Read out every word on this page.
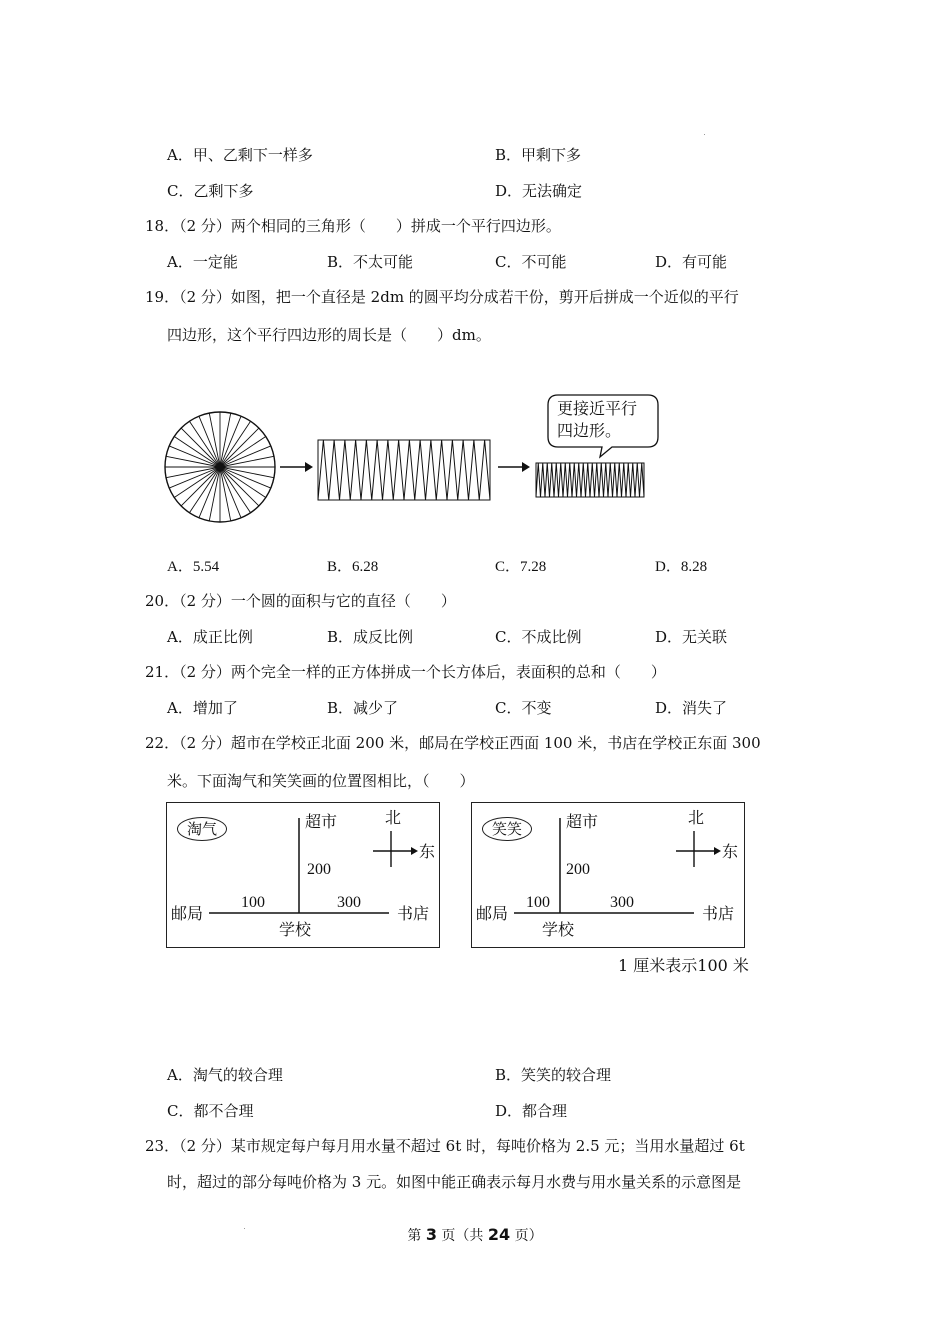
A．甲、乙剩下一样多	B．甲剩下多
C．乙剩下多	D．无法确定
18．（2 分）两个相同的三角形（　　）拼成一个平行四边形。
A．一定能	B．不太可能	C．不可能	D．有可能
19．（2 分）如图，把一个直径是 2dm 的圆平均分成若干份，剪开后拼成一个近似的平行
四边形，这个平行四边形的周长是（　　）dm。
更接近平行
四边形。
A．5.54	B．6.28	C．7.28	D．8.28
20．（2 分）一个圆的面积与它的直径（　　）
A．成正比例	B．成反比例	C．不成比例	D．无关联
21．（2 分）两个完全一样的正方体拼成一个长方体后，表面积的总和（　　）
A．增加了	B．减少了	C．不变	D．消失了
22．（2 分）超市在学校正北面 200 米，邮局在学校正西面 100 米，书店在学校正东面 300
米。下面淘气和笑笑画的位置图相比，（　　）
淘气	超市	北
东
200
100	300
邮局	书店
学校
笑笑	超市	北
东
200
100	300
邮局	书店
学校
1 厘米表示100 米
A．淘气的较合理	B．笑笑的较合理
C．都不合理	D．都合理
23．（2 分）某市规定每户每月用水量不超过 6t 时，每吨价格为 2.5 元；当用水量超过 6t
时，超过的部分每吨价格为 3 元。如图中能正确表示每月水费与用水量关系的示意图是
第 3 页（共 24 页）
